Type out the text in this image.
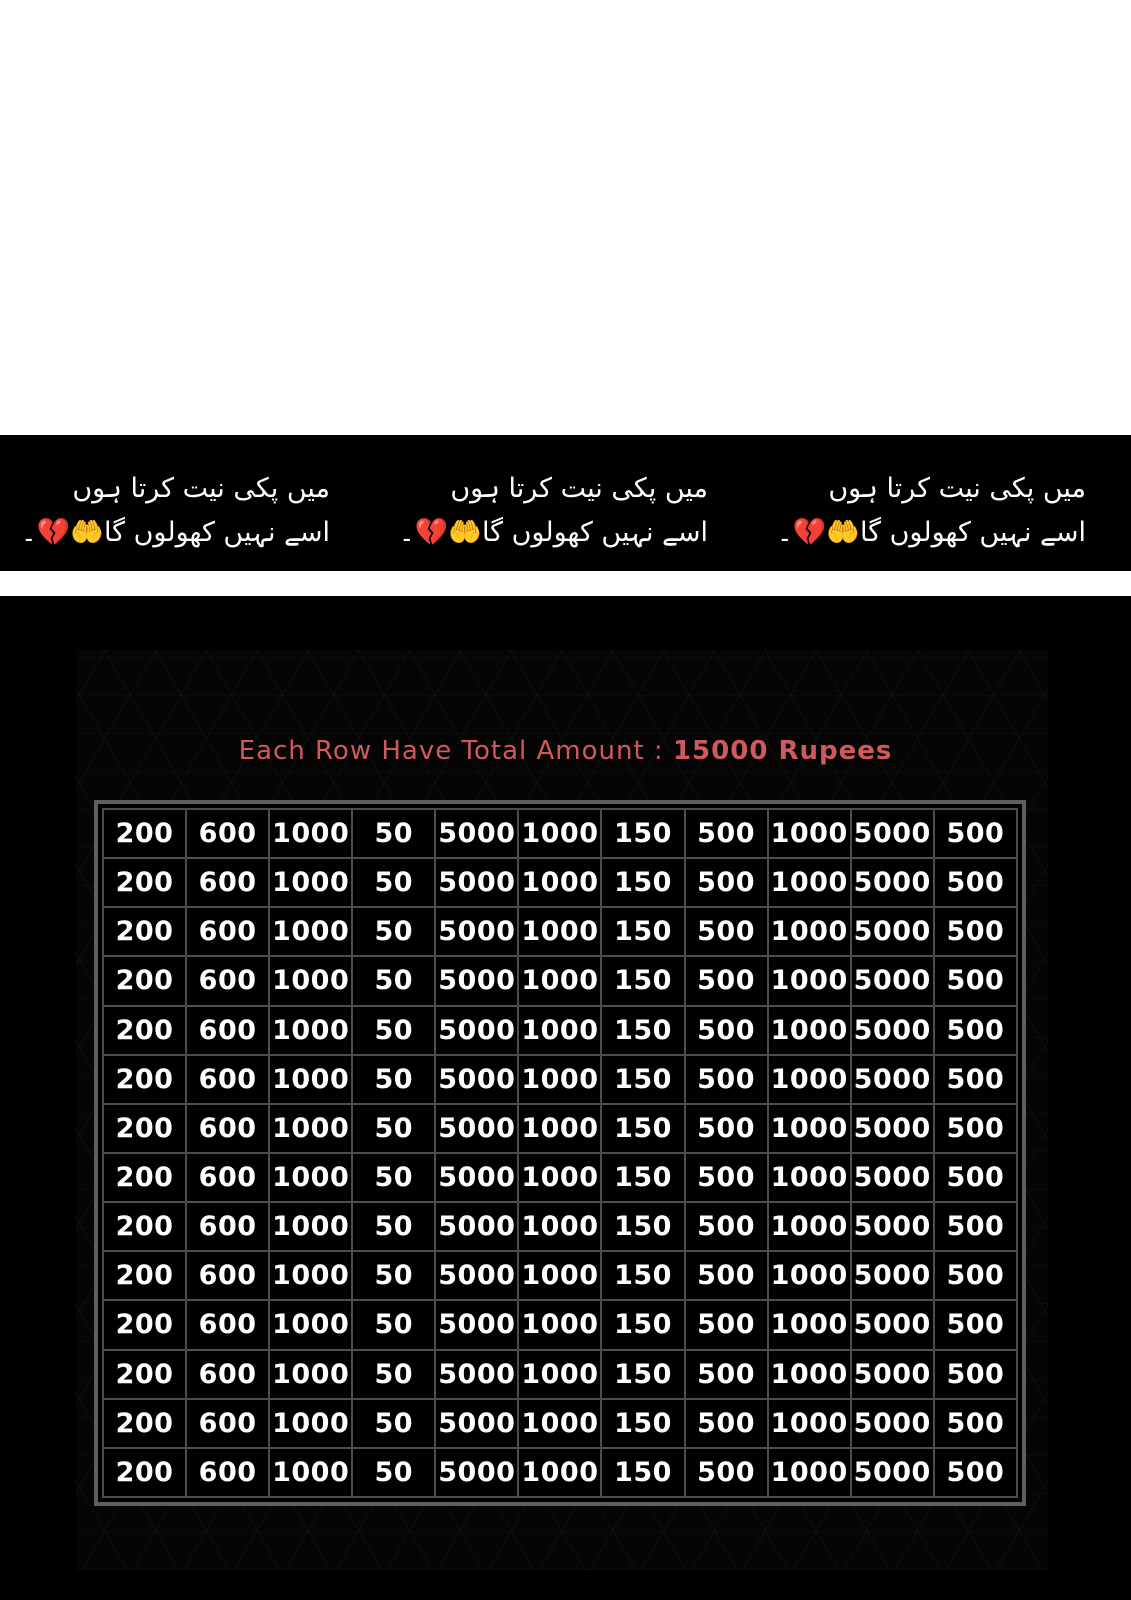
میں پکی نیت کرتا ہوں
اسے نہیں کھولوں گا🤲💔۔
میں پکی نیت کرتا ہوں
اسے نہیں کھولوں گا🤲💔۔
میں پکی نیت کرتا ہوں
اسے نہیں کھولوں گا🤲💔۔
Each Row Have Total Amount : 15000 Rupees
200	600	1000	50	5000	1000	150	500	1000	5000	500
200	600	1000	50	5000	1000	150	500	1000	5000	500
200	600	1000	50	5000	1000	150	500	1000	5000	500
200	600	1000	50	5000	1000	150	500	1000	5000	500
200	600	1000	50	5000	1000	150	500	1000	5000	500
200	600	1000	50	5000	1000	150	500	1000	5000	500
200	600	1000	50	5000	1000	150	500	1000	5000	500
200	600	1000	50	5000	1000	150	500	1000	5000	500
200	600	1000	50	5000	1000	150	500	1000	5000	500
200	600	1000	50	5000	1000	150	500	1000	5000	500
200	600	1000	50	5000	1000	150	500	1000	5000	500
200	600	1000	50	5000	1000	150	500	1000	5000	500
200	600	1000	50	5000	1000	150	500	1000	5000	500
200	600	1000	50	5000	1000	150	500	1000	5000	500
